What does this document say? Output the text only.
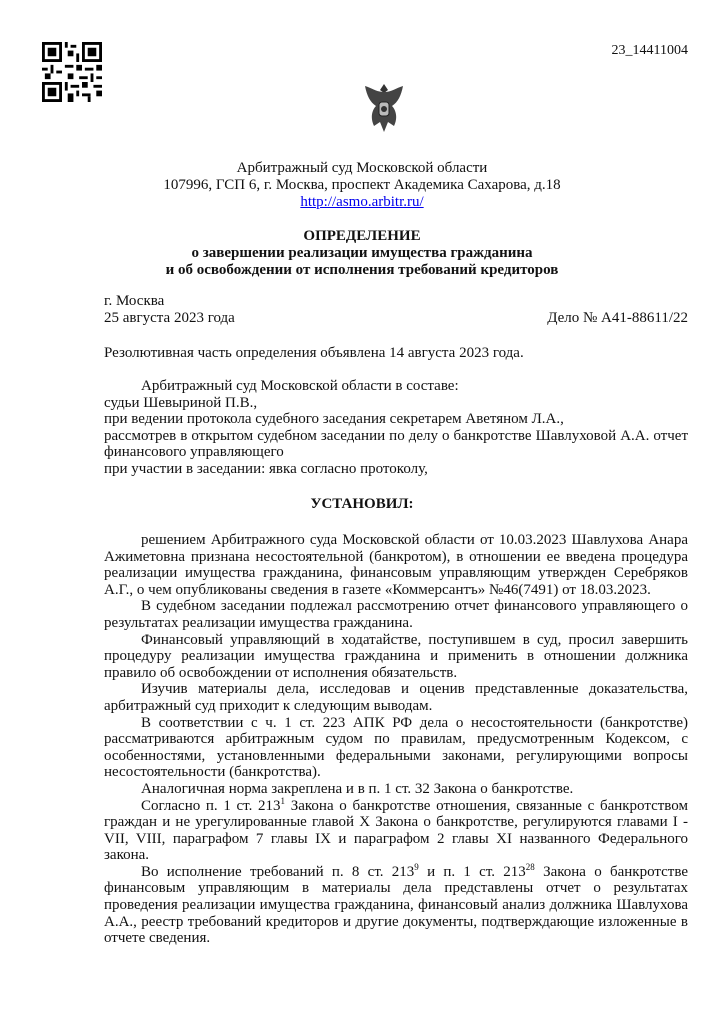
23_14411004
Арбитражный суд Московской области
107996, ГСП 6, г. Москва, проспект Академика Сахарова, д.18
http://asmo.arbitr.ru/
ОПРЕДЕЛЕНИЕ
о завершении реализации имущества гражданина
и об освобождении от исполнения требований кредиторов
г. Москва
25 августа 2023 года	Дело № А41-88611/22
Резолютивная часть определения объявлена 14 августа 2023 года.

Арбитражный суд Московской области в составе:

судьи Шевыриной П.В.,

при ведении протокола судебного заседания секретарем Аветяном Л.А.,

рассмотрев в открытом судебном заседании по делу о банкротстве Шавлуховой А.А. отчет финансового управляющего

при участии в заседании: явка согласно протоколу,

УСТАНОВИЛ:

решением Арбитражного суда Московской области от 10.03.2023 Шавлухова Анара Ажиметовна признана несостоятельной (банкротом), в отношении ее введена процедура реализации имущества гражданина, финансовым управляющим утвержден Серебряков А.Г., о чем опубликованы сведения в газете «Коммерсантъ» №46(7491) от 18.03.2023.

В судебном заседании подлежал рассмотрению отчет финансового управляющего о результатах реализации имущества гражданина.

Финансовый управляющий в ходатайстве, поступившем в суд, просил завершить процедуру реализации имущества гражданина и применить в отношении должника правило об освобождении от исполнения обязательств.

Изучив материалы дела, исследовав и оценив представленные доказательства, арбитражный суд приходит к следующим выводам.

В соответствии с ч. 1 ст. 223 АПК РФ дела о несостоятельности (банкротстве) рассматриваются арбитражным судом по правилам, предусмотренным Кодексом, с особенностями, установленными федеральными законами, регулирующими вопросы несостоятельности (банкротства).

Аналогичная норма закреплена и в п. 1 ст. 32 Закона о банкротстве.

Согласно п. 1 ст. $213^1$ Закона о банкротстве отношения, связанные с банкротством граждан и не урегулированные главой X Закона о банкротстве, регулируются главами I - VII, VIII, параграфом 7 главы IX и параграфом 2 главы XI названного Федерального закона.

Во исполнение требований п. 8 ст. $213^9$ и п. 1 ст. $213^{28}$ Закона о банкротстве финансовым управляющим в материалы дела представлены отчет о результатах проведения реализации имущества гражданина, финансовый анализ должника Шавлухова А.А., реестр требований кредиторов и другие документы, подтверждающие изложенные в отчете сведения.
